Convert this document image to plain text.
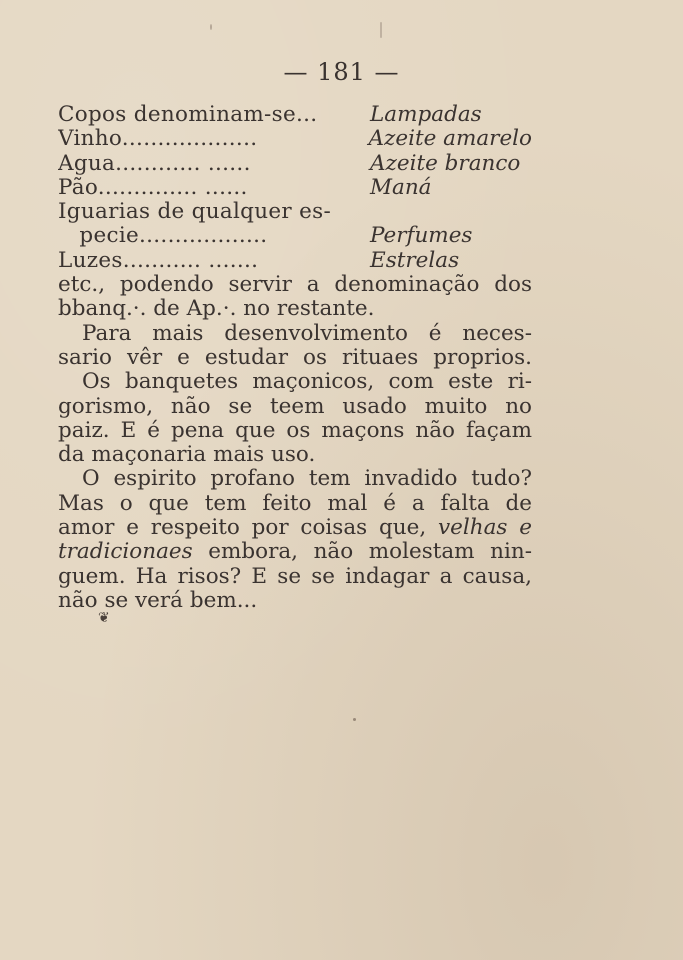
— 181 —
Copos denominam-se...	Lampadas
Vinho...................	Azeite amarelo
Agua............ ......	Azeite branco
Pão.............. ......	Maná
Iguarias de qualquer es-
pecie..................	Perfumes
Luzes........... .......	Estrelas
etc., podendo servir a denominação dos
bbanq.·. de Ap.·. no restante.
Para mais desenvolvimento é neces-
sario vêr e estudar os rituaes proprios.
Os banquetes maçonicos, com este ri-
gorismo, não se teem usado muito no
paiz. E é pena que os maçons não façam
da maçonaria mais uso.
O espirito profano tem invadido tudo?
Mas o que tem feito mal é a falta de
amor e respeito por coisas que, velhas e
tradicionaes embora, não molestam nin-
guem. Ha risos? E se se indagar a causa,
não se verá bem...
❦
